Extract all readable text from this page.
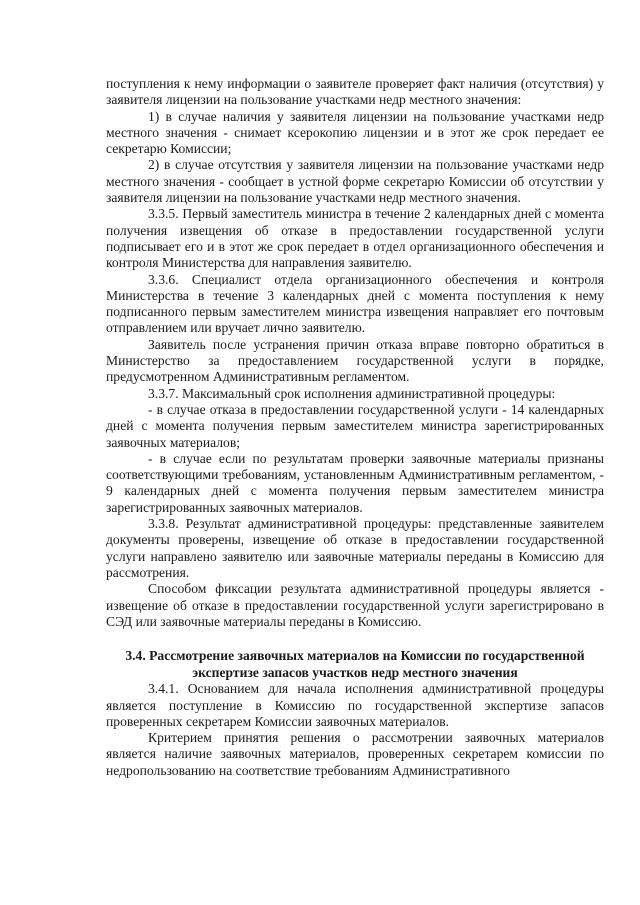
поступления к нему информации о заявителе проверяет факт наличия (отсутствия) у заявителя лицензии на пользование участками недр местного значения:

1) в случае наличия у заявителя лицензии на пользование участками недр местного значения - снимает ксерокопию лицензии и в этот же срок передает ее секретарю Комиссии;

2) в случае отсутствия у заявителя лицензии на пользование участками недр местного значения - сообщает в устной форме секретарю Комиссии об отсутствии у заявителя лицензии на пользование участками недр местного значения.

3.3.5. Первый заместитель министра в течение 2 календарных дней с момента получения извещения об отказе в предоставлении государственной услуги подписывает его и в этот же срок передает в отдел организационного обеспечения и контроля Министерства для направления заявителю.

3.3.6. Специалист отдела организационного обеспечения и контроля Министерства в течение 3 календарных дней с момента поступления к нему подписанного первым заместителем министра извещения направляет его почтовым отправлением или вручает лично заявителю.

Заявитель после устранения причин отказа вправе повторно обратиться в Министерство за предоставлением государственной услуги в порядке, предусмотренном Административным регламентом.

3.3.7. Максимальный срок исполнения административной процедуры:

- в случае отказа в предоставлении государственной услуги - 14 календарных дней с момента получения первым заместителем министра зарегистрированных заявочных материалов;

- в случае если по результатам проверки заявочные материалы признаны соответствующими требованиям, установленным Административным регламентом, - 9 календарных дней с момента получения первым заместителем министра зарегистрированных заявочных материалов.

3.3.8. Результат административной процедуры: представленные заявителем документы проверены, извещение об отказе в предоставлении государственной услуги направлено заявителю или заявочные материалы переданы в Комиссию для рассмотрения.

Способом фиксации результата административной процедуры является - извещение об отказе в предоставлении государственной услуги зарегистрировано в СЭД или заявочные материалы переданы в Комиссию.

3.4. Рассмотрение заявочных материалов на Комиссии по государственной экспертизе запасов участков недр местного значения

3.4.1. Основанием для начала исполнения административной процедуры является поступление в Комиссию по государственной экспертизе запасов проверенных секретарем Комиссии заявочных материалов.

Критерием принятия решения о рассмотрении заявочных материалов является наличие заявочных материалов, проверенных секретарем комиссии по недропользованию на соответствие требованиям Административного
